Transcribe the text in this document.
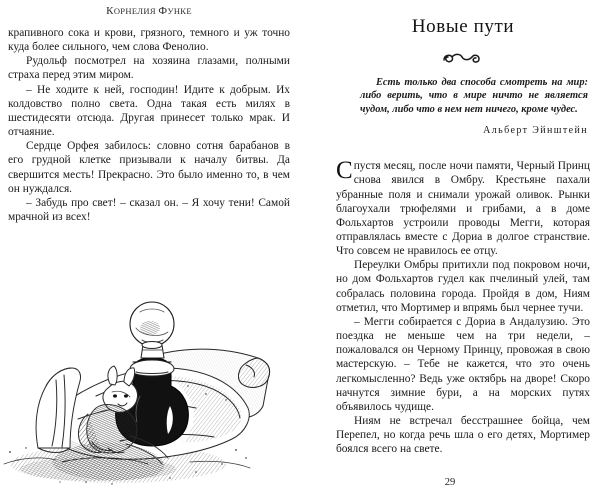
КОРНЕЛИЯ ФУНКЕ

крапивного сока и крови, грязного, темного и уж точно куда более сильного, чем слова Фенолио.

Рудольф посмотрел на хозяина глазами, полными страха перед этим миром.

– Не ходите к ней, господин! Идите к добрым. Их колдовство полно света. Одна такая есть милях в шестидесяти отсюда. Другая принесет только мрак. И отчаяние.

Сердце Орфея забилось: словно сотня барабанов в его грудной клетке призывали к началу битвы. Да свершится месть! Прекрасно. Это было именно то, в чем он нуждался.

– Забудь про свет! – сказал он. – Я хочу тени! Самой мрачной из всех!

Новые пути

Есть только два способа смотреть на мир: либо верить, что в мире ничто не является чудом, либо что в нем нет ничего, кроме чудес.

Альберт Эйнштейн

Спустя месяц, после ночи памяти, Черный Принц снова явился в Омбру. Крестьяне пахали убранные поля и снимали урожай оливок. Рынки благоухали трюфелями и грибами, а в доме Фольхартов устроили проводы Мегги, которая отправлялась вместе с Дориа в долгое странствие. Что совсем не нравилось ее отцу.

Переулки Омбры притихли под покровом ночи, но дом Фольхартов гудел как пчелиный улей, там собралась половина города. Пройдя в дом, Ниям отметил, что Мортимер и впрямь был чернее тучи.

– Мегги собирается с Дориа в Андалузию. Это поездка не меньше чем на три недели, – пожаловался он Черному Принцу, провожая в свою мастерскую. – Тебе не кажется, что это очень легкомысленно? Ведь уже октябрь на дворе! Скоро начнутся зимние бури, а на морских путях объявилось чудище.

Ниям не встречал бесстрашнее бойца, чем Перепел, но когда речь шла о его детях, Мортимер боялся всего на свете.

29
